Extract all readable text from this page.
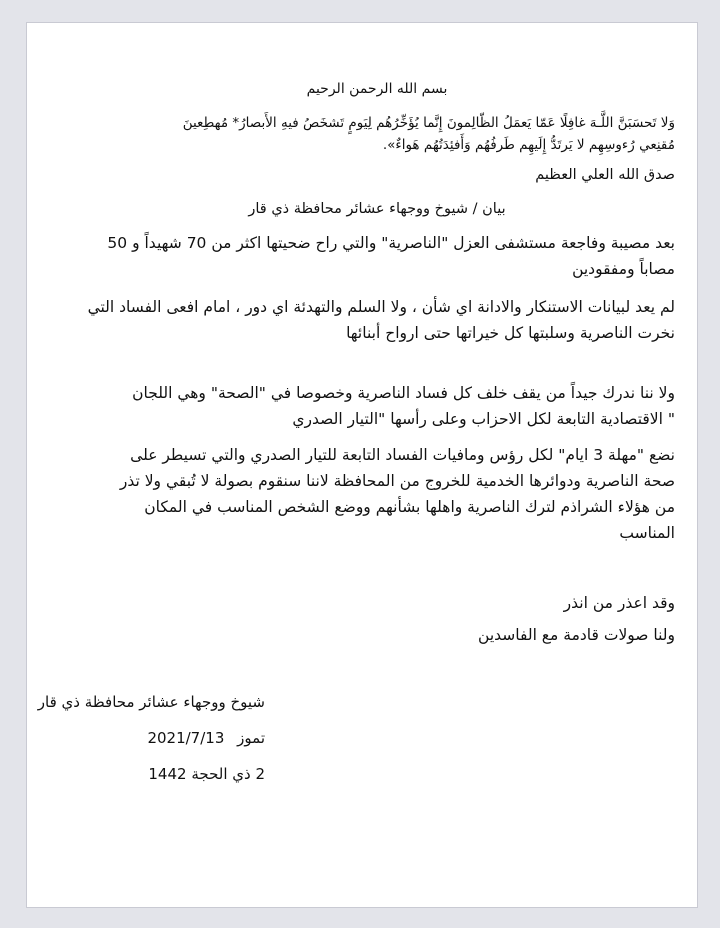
بسم الله الرحمن الرحيم

وَلا تَحسَبَنَّ اللَّـهَ غافِلًا عَمّا يَعمَلُ الظّالِمونَ إِنَّما يُؤَخِّرُهُم لِيَومٍ تَشخَصُ فيهِ الأَبصارُ* مُهطِعينَ

مُقنِعي رُءوسِهِم لا يَرتَدُّ إِلَيهِم طَرفُهُم وَأَفئِدَتُهُم هَواءٌ».

صدق الله العلي العظيم

بيان / شيوخ ووجهاء عشائر محافظة ذي قار

بعد مصيبة وفاجعة مستشفى العزل "الناصرية" والتي راح ضحيتها اكثر من 70 شهيداً و 50

مصاباً ومفقودين

لم يعد لبيانات الاستنكار والادانة اي شأن ، ولا السلم والتهدئة اي دور ، امام افعى الفساد التي

نخرت الناصرية وسلبتها كل خيراتها حتى ارواح أبنائها

ولا ننا ندرك جيداً من يقف خلف كل فساد الناصرية وخصوصا في "الصحة" وهي اللجان

" الاقتصادية التابعة لكل الاحزاب وعلى رأسها "التيار الصدري

نضع "مهلة 3 ايام" لكل رؤس ومافيات الفساد التابعة للتيار الصدري والتي تسيطر على

صحة الناصرية ودوائرها الخدمية للخروج من المحافظة لاننا سنقوم بصولة لا تُبقي ولا تذر

من هؤلاء الشراذم لترك الناصرية واهلها بشأنهم ووضع الشخص المناسب في المكان

المناسب

وقد اعذر من انذر

ولنا صولات قادمة مع الفاسدين

شيوخ ووجهاء عشائر محافظة ذي قار

تموز 2021/7/13

2 ذي الحجة 1442
